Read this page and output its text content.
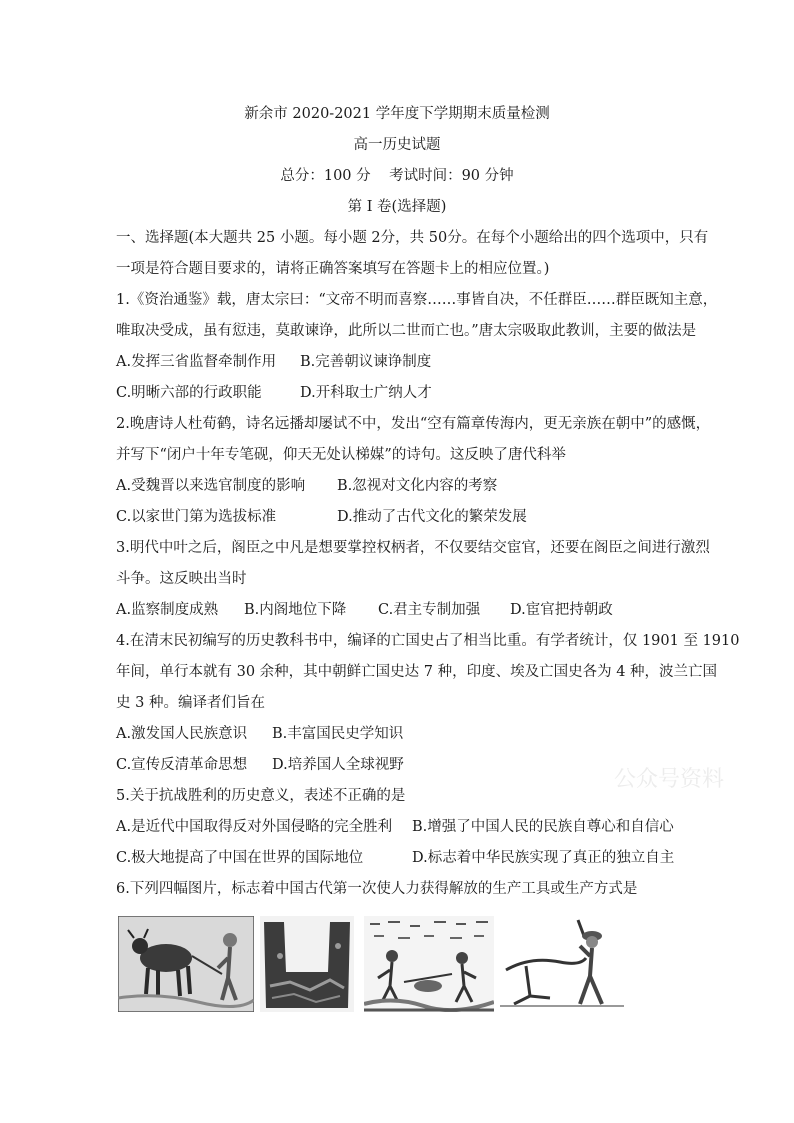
新余市 2020-2021 学年度下学期期末质量检测
高一历史试题
总分：100 分    考试时间：90 分钟
第 I 卷(选择题)
一、选择题(本大题共 25 小题。每小题 2分，共 50分。在每个小题给出的四个选项中，只有
一项是符合题目要求的，请将正确答案填写在答题卡上的相应位置。)
1.《资治通鉴》载，唐太宗曰：“文帝不明而喜察……事皆自决，不任群臣……群臣既知主意，
唯取决受成，虽有愆违，莫敢谏诤，此所以二世而亡也。”唐太宗吸取此教训，主要的做法是
A.发挥三省监督牵制作用 B.完善朝议谏诤制度
C.明晰六部的行政职能	D.开科取士广纳人才
2.晚唐诗人杜荀鹤，诗名远播却屡试不中，发出“空有篇章传海内，更无亲族在朝中”的感慨，
并写下“闭户十年专笔砚，仰天无处认梯媒”的诗句。这反映了唐代科举
A.受魏晋以来选官制度的影响 B.忽视对文化内容的考察
C.以家世门第为选拔标准	D.推动了古代文化的繁荣发展
3.明代中叶之后，阁臣之中凡是想要掌控权柄者，不仅要结交宦官，还要在阁臣之间进行激烈
斗争。这反映出当时
A.监察制度成熟 B.内阁地位下降 C.君主专制加强 D.宦官把持朝政
4.在清末民初编写的历史教科书中，编译的亡国史占了相当比重。有学者统计，仅 1901 至 1910
年间，单行本就有 30 余种，其中朝鲜亡国史达 7 种，印度、埃及亡国史各为 4 种，波兰亡国
史 3 种。编译者们旨在
A.激发国人民族意识 B.丰富国民史学知识
C.宣传反清革命思想 D.培养国人全球视野
公众号资料
5.关于抗战胜利的历史意义，表述不正确的是
A.是近代中国取得反对外国侵略的完全胜利 B.增强了中国人民的民族自尊心和自信心
C.极大地提高了中国在世界的国际地位	D.标志着中华民族实现了真正的独立自主
6.下列四幅图片，标志着中国古代第一次使人力获得解放的生产工具或生产方式是
